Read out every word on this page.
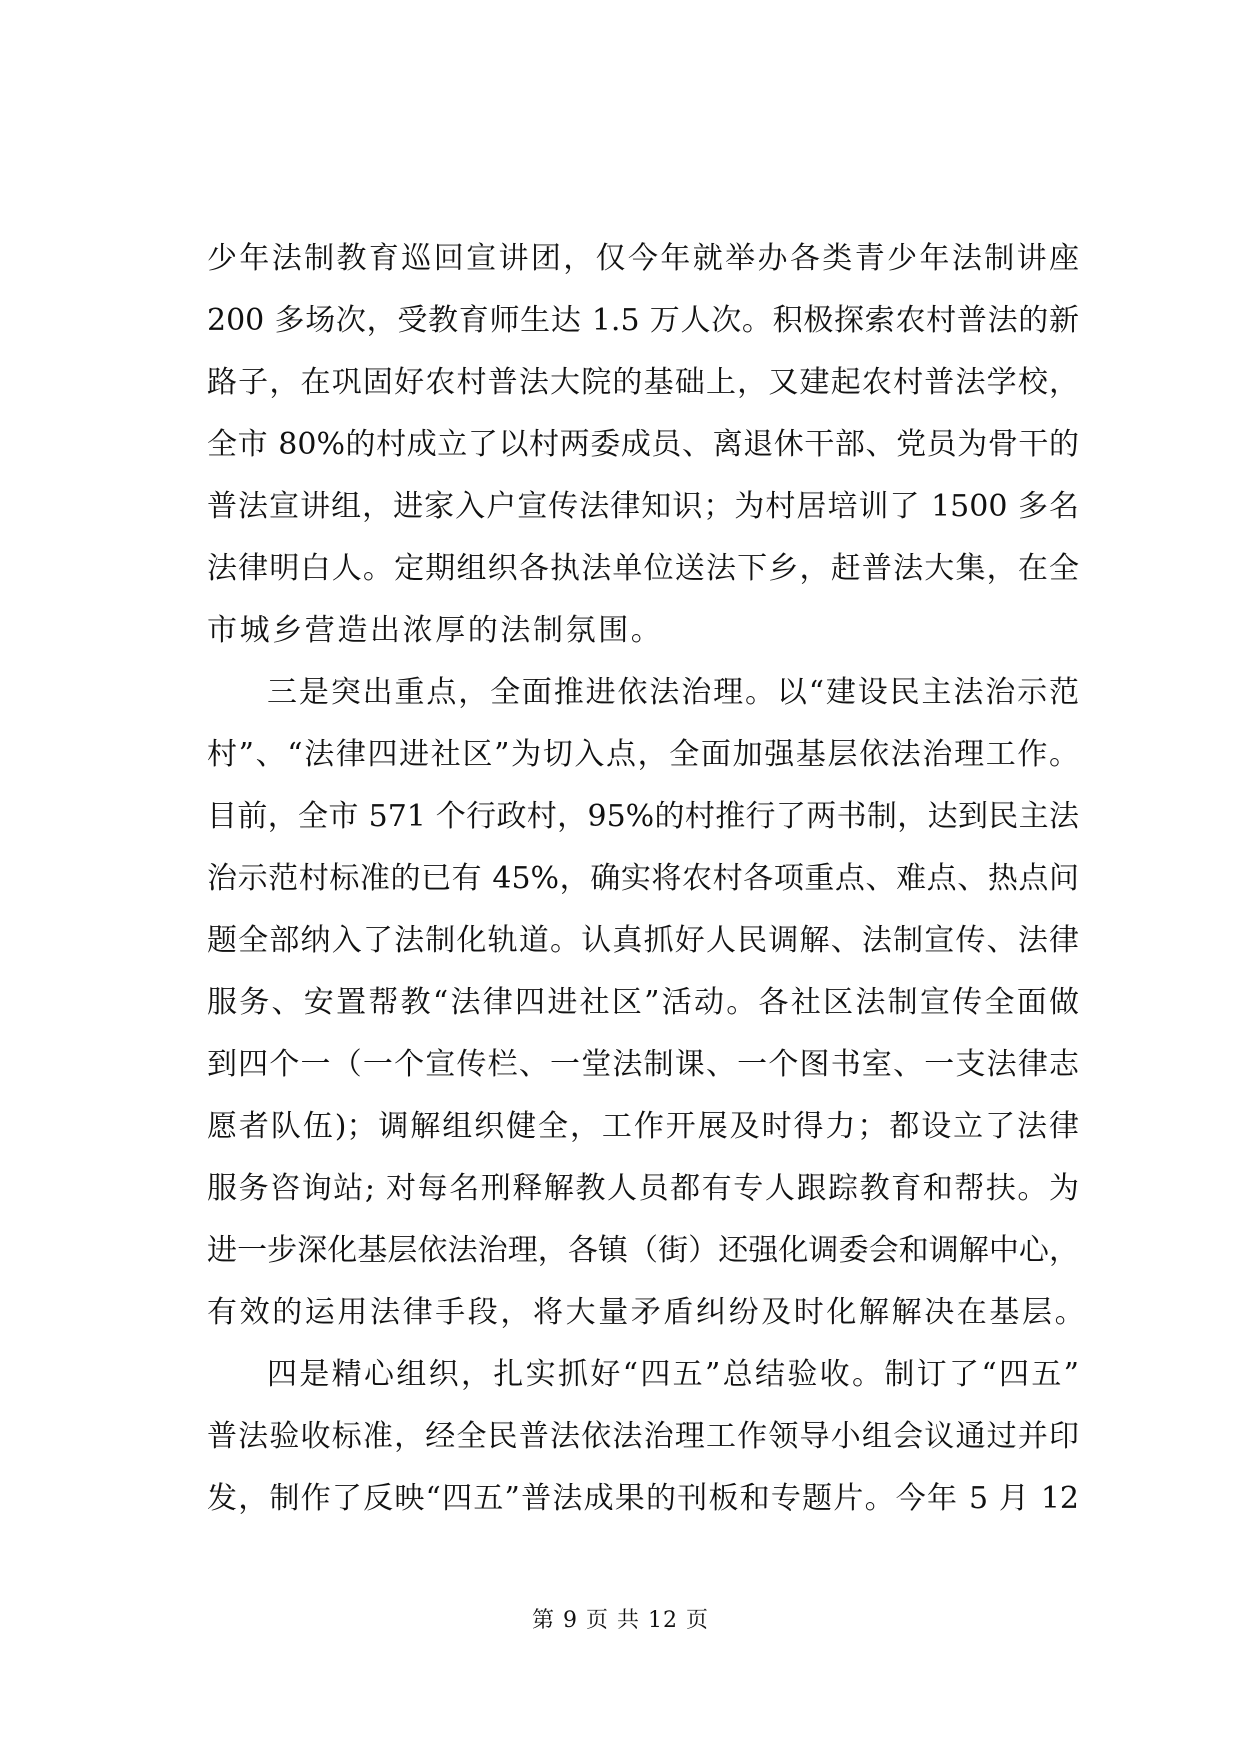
少年法制教育巡回宣讲团，仅今年就举办各类青少年法制讲座
200 多场次，受教育师生达 1.5 万人次。积极探索农村普法的新
路子，在巩固好农村普法大院的基础上，又建起农村普法学校，
全市 80%的村成立了以村两委成员、离退休干部、党员为骨干的
普法宣讲组，进家入户宣传法律知识；为村居培训了 1500 多名
法律明白人。定期组织各执法单位送法下乡，赶普法大集，在全
市城乡营造出浓厚的法制氛围。
三是突出重点，全面推进依法治理。以“建设民主法治示范
村”、“法律四进社区”为切入点，全面加强基层依法治理工作。
目前，全市 571 个行政村，95%的村推行了两书制，达到民主法
治示范村标准的已有 45%，确实将农村各项重点、难点、热点问
题全部纳入了法制化轨道。认真抓好人民调解、法制宣传、法律
服务、安置帮教“法律四进社区”活动。各社区法制宣传全面做
到四个一（一个宣传栏、一堂法制课、一个图书室、一支法律志
愿者队伍)；调解组织健全，工作开展及时得力；都设立了法律
服务咨询站; 对每名刑释解教人员都有专人跟踪教育和帮扶。为
进一步深化基层依法治理，各镇（街）还强化调委会和调解中心，
有效的运用法律手段，将大量矛盾纠纷及时化解解决在基层。
四是精心组织，扎实抓好“四五”总结验收。制订了“四五”
普法验收标准，经全民普法依法治理工作领导小组会议通过并印
发，制作了反映“四五”普法成果的刊板和专题片。今年 5 月 12
第 9 页 共 12 页
